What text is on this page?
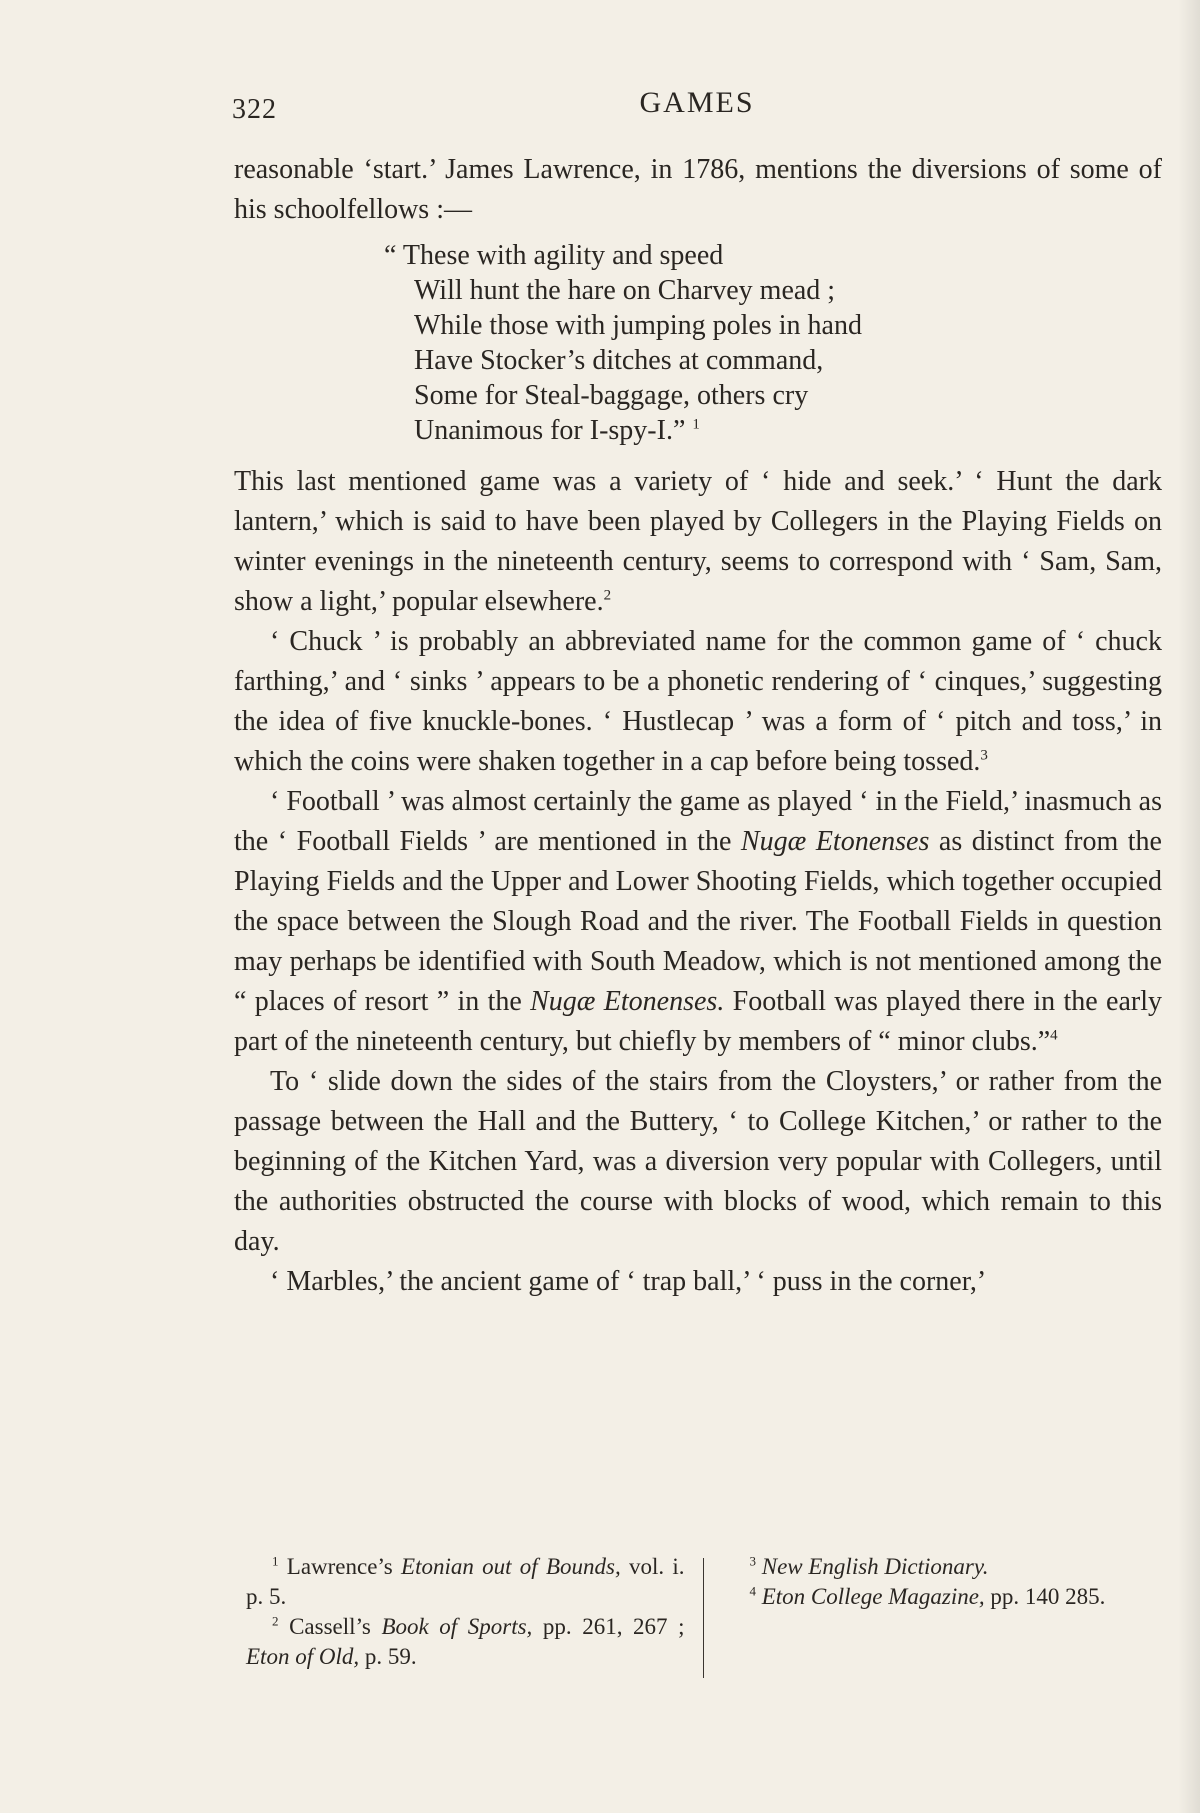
322	GAMES

reasonable ‘start.’ James Lawrence, in 1786, mentions the diversions of some of his schoolfellows :—

“ These with agility and speed
Will hunt the hare on Charvey mead ;
While those with jumping poles in hand
Have Stocker’s ditches at command,
Some for Steal-baggage, others cry
Unanimous for I-spy-I.” $^1$

This last mentioned game was a variety of ‘ hide and seek.’ ‘ Hunt the dark lantern,’ which is said to have been played by Collegers in the Playing Fields on winter evenings in the nineteenth century, seems to correspond with ‘ Sam, Sam, show a light,’ popular elsewhere.$^2$

‘ Chuck ’ is probably an abbreviated name for the common game of ‘ chuck farthing,’ and ‘ sinks ’ appears to be a phonetic rendering of ‘ cinques,’ suggesting the idea of five knuckle-bones. ‘ Hustlecap ’ was a form of ‘ pitch and toss,’ in which the coins were shaken together in a cap before being tossed.$^3$

‘ Football ’ was almost certainly the game as played ‘ in the Field,’ inasmuch as the ‘ Football Fields ’ are mentioned in the Nugæ Etonenses as distinct from the Playing Fields and the Upper and Lower Shooting Fields, which together occupied the space between the Slough Road and the river. The Football Fields in question may perhaps be identified with South Meadow, which is not mentioned among the “ places of resort ” in the Nugæ Etonenses. Football was played there in the early part of the nineteenth century, but chiefly by members of “ minor clubs.”$^4$

To ‘ slide down the sides of the stairs from the Cloysters,’ or rather from the passage between the Hall and the Buttery, ‘ to College Kitchen,’ or rather to the beginning of the Kitchen Yard, was a diversion very popular with Collegers, until the authorities obstructed the course with blocks of wood, which remain to this day.

‘ Marbles,’ the ancient game of ‘ trap ball,’ ‘ puss in the corner,’

$^1$ Lawrence’s Etonian out of Bounds, vol. i. p. 5.
$^2$ Cassell’s Book of Sports, pp. 261, 267 ; Eton of Old, p. 59.
$^3$ New English Dictionary.
$^4$ Eton College Magazine, pp. 140 285.
